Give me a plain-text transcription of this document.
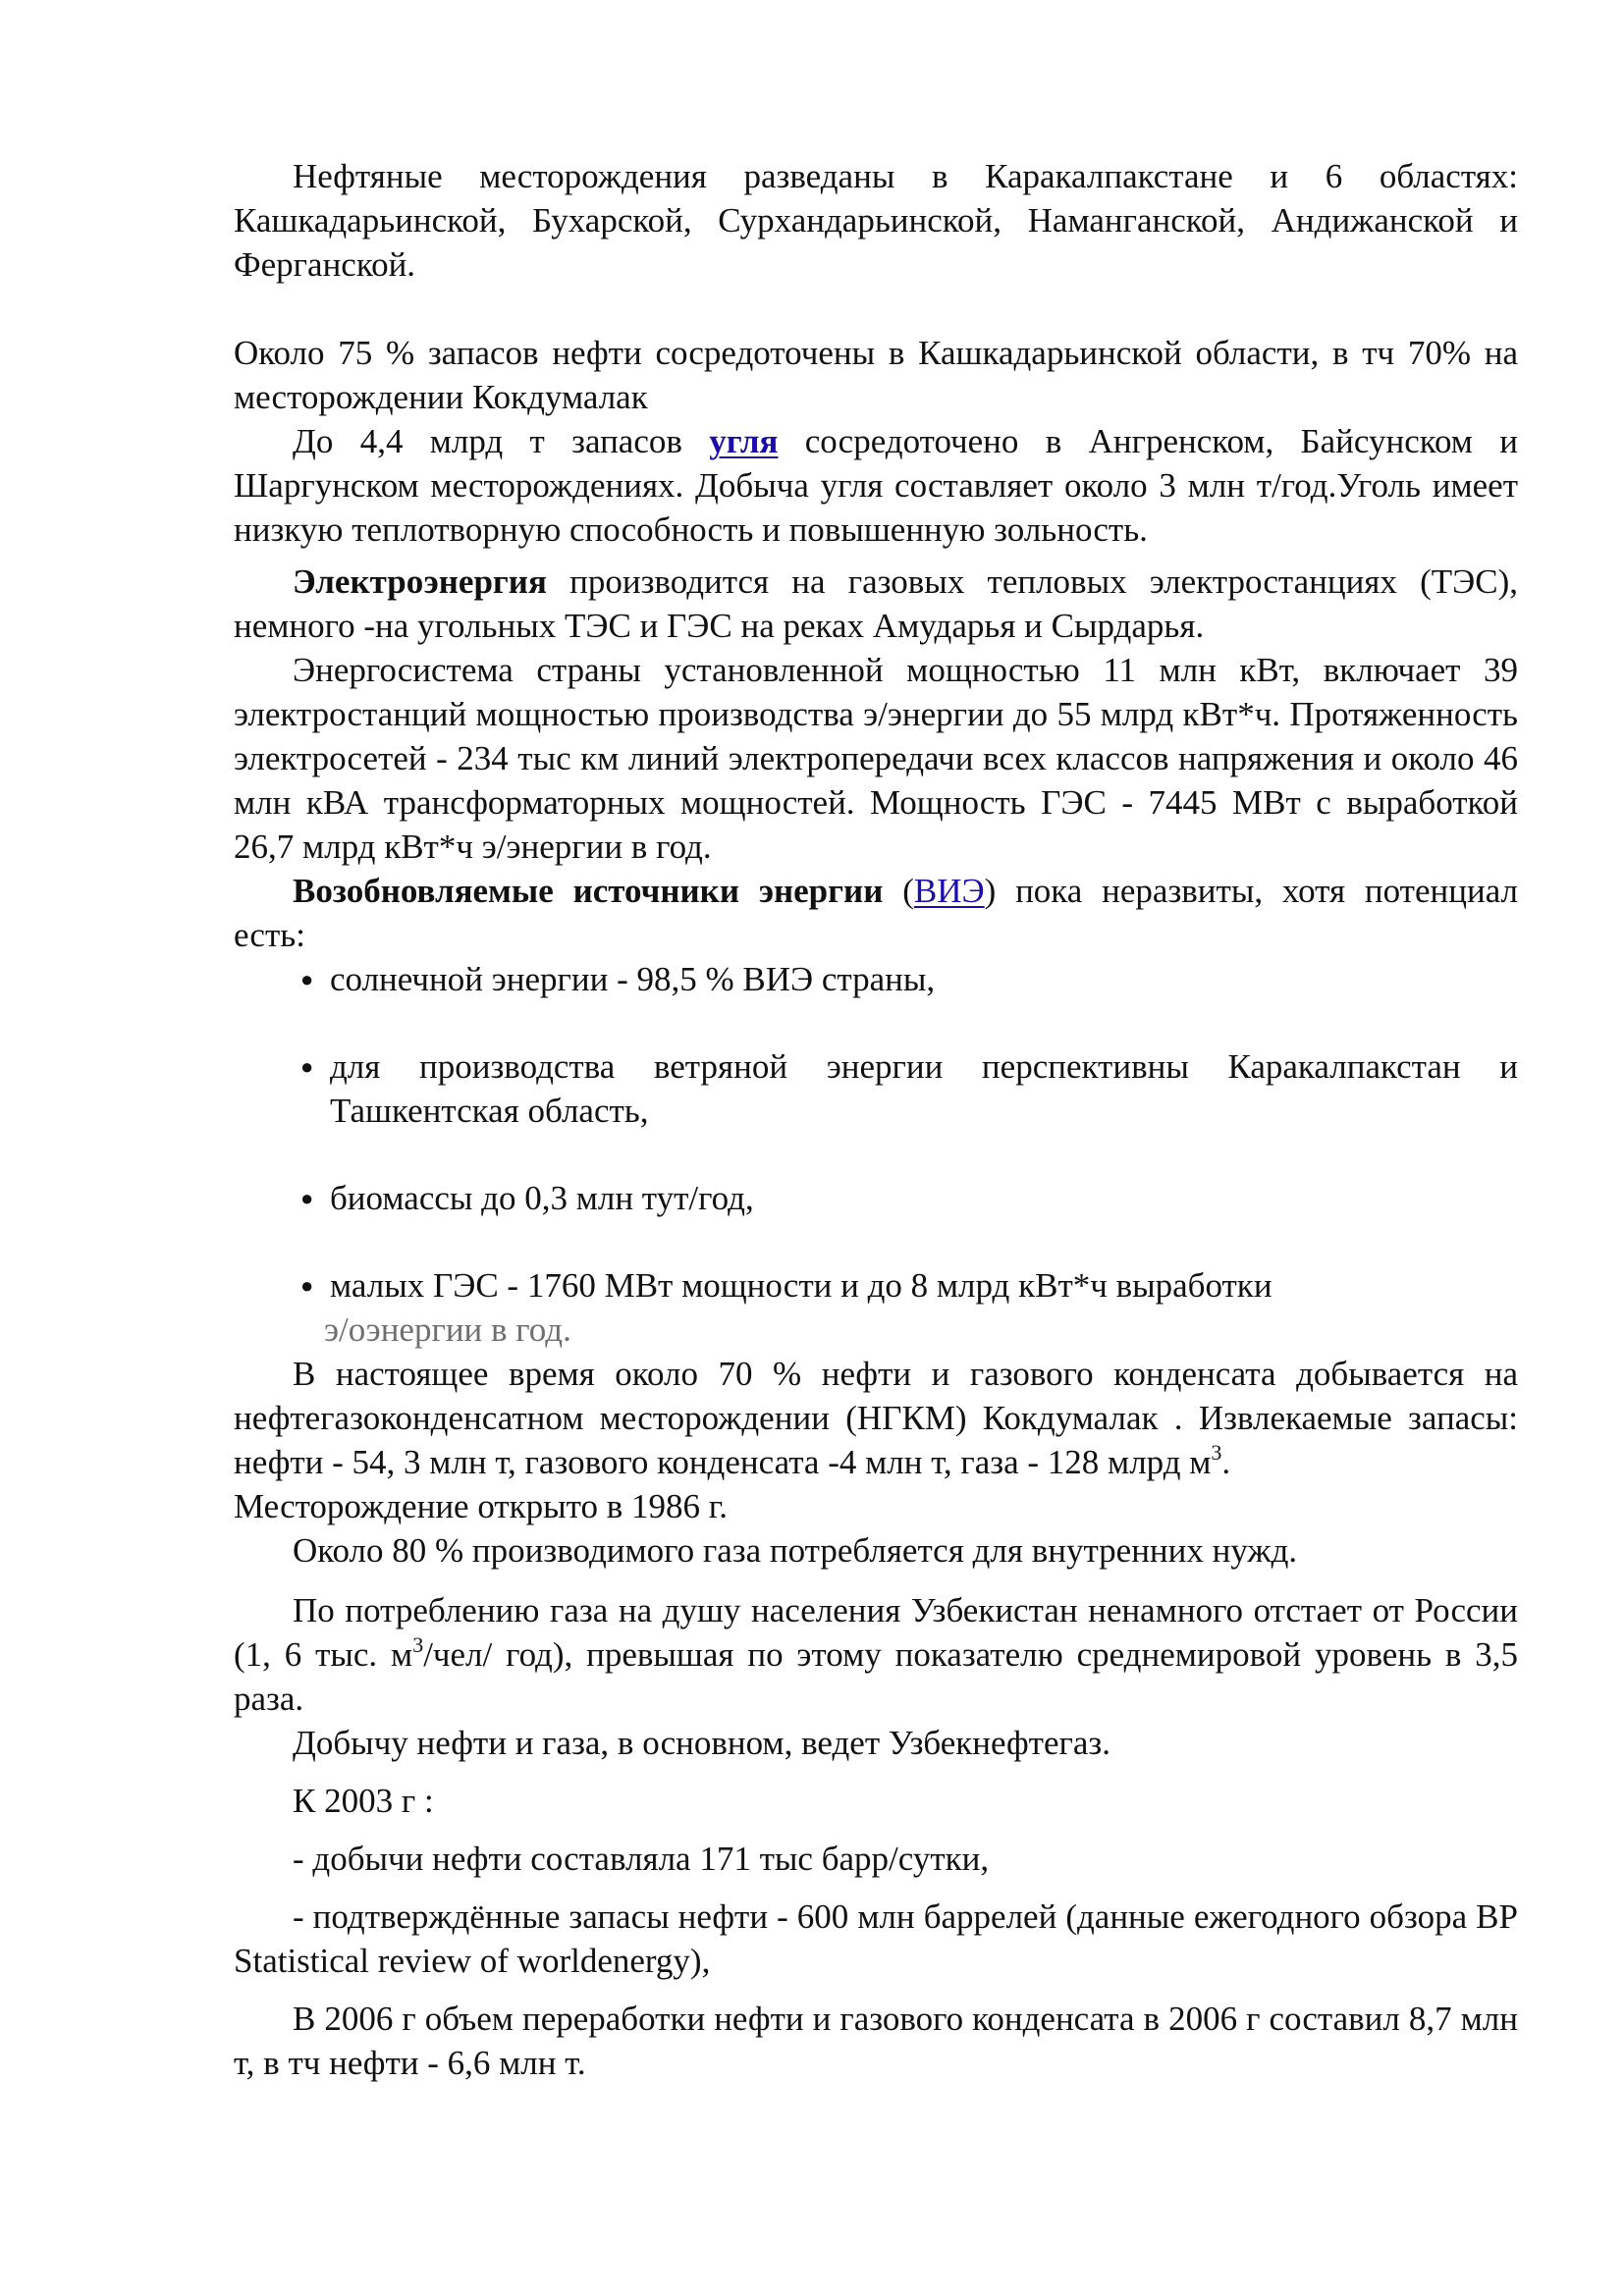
Нефтяные месторождения разведаны в Каракалпакстане и 6 областях: Кашкадарьинской, Бухарской, Сурхандарьинской, Наманганской, Андижанской и Ферганской.

Около 75 % запасов нефти сосредоточены в Кашкадарьинской области, в тч 70% на месторождении Кокдумалак

До 4,4 млрд т запасов угля сосредоточено в Ангренском, Байсунском и Шаргунском месторождениях. Добыча угля составляет около 3 млн т/год.Уголь имеет низкую теплотворную способность и повышенную зольность.

Электроэнергия производится на газовых тепловых электростанциях (ТЭС), немного -на угольных ТЭС и ГЭС на реках Амударья и Сырдарья.

Энергосистема страны установленной мощностью 11 млн кВт, включает 39 электростанций мощностью производства э/энергии до 55 млрд кВт*ч. Протяженность электросетей - 234 тыс км линий электропередачи всех классов напряжения и около 46 млн кВА трансформаторных мощностей. Мощность ГЭС - 7445 МВт с выработкой 26,7 млрд кВт*ч э/энергии в год.

Возобновляемые источники энергии (ВИЭ) пока неразвиты, хотя потенциал есть:

● солнечной энергии - 98,5 % ВИЭ страны,
● для производства ветряной энергии перспективны Каракалпакстан и Ташкентская область,
● биомассы до 0,3 млн тут/год,
● малых ГЭС - 1760 МВт мощности и до 8 млрд кВт*ч выработки
э/оэнергии в год.

В настоящее время около 70 % нефти и газового конденсата добывается на нефтегазоконденсатном месторождении (НГКМ) Кокдумалак . Извлекаемые запасы: нефти - 54, 3 млн т, газового конденсата -4 млн т, газа - 128 млрд $м^3$.

Месторождение открыто в 1986 г.

Около 80 % производимого газа потребляется для внутренних нужд.

По потреблению газа на душу населения Узбекистан ненамного отстает от России (1, 6 тыс. $м^3/чел/$ год), превышая по этому показателю среднемировой уровень в 3,5 раза.

Добычу нефти и газа, в основном, ведет Узбекнефтегаз.

К 2003 г :

- добычи нефти составляла 171 тыс барр/сутки,

- подтверждённые запасы нефти - 600 млн баррелей (данные ежегодного обзора BP Statistical review of worldenergy),

В 2006 г объем переработки нефти и газового конденсата в 2006 г составил 8,7 млн т, в тч нефти - 6,6 млн т.
